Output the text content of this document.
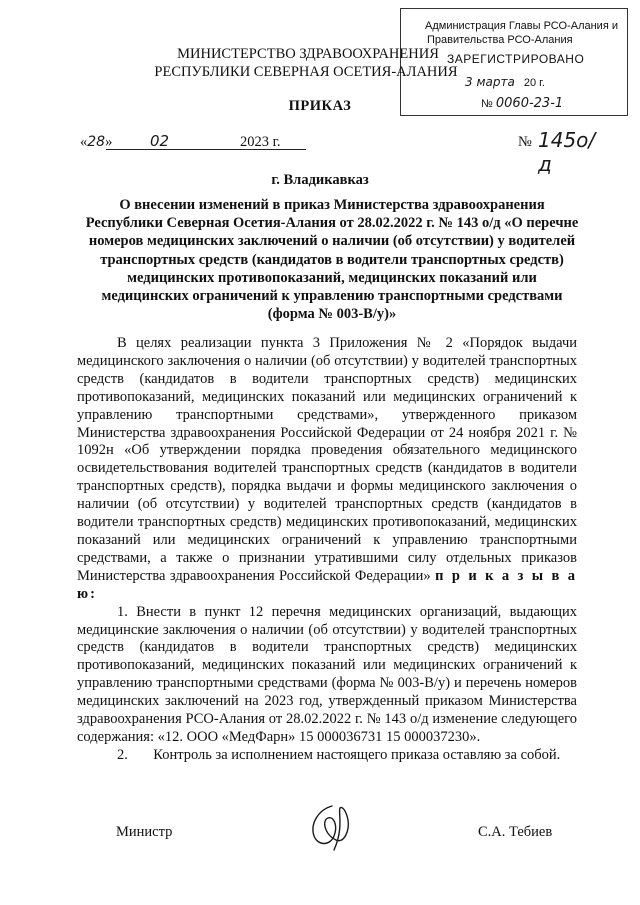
Администрация Главы РСО-Алания и
Правительства РСО-Алания
ЗАРЕГИСТРИРОВАНО
3 марта 20 г.
№ 0060-23-1
МИНИСТЕРСТВО ЗДРАВООХРАНЕНИЯ
РЕСПУБЛИКИ СЕВЕРНАЯ ОСЕТИЯ-АЛАНИЯ
ПРИКАЗ
«28»	02	2023 г.	№ 145о/д
г. Владикавказ
О внесении изменений в приказ Министерства здравоохранения Республики Северная Осетия-Алания от 28.02.2022 г. № 143 о/д «О перечне номеров медицинских заключений о наличии (об отсутствии) у водителей транспортных средств (кандидатов в водители транспортных средств) медицинских противопоказаний, медицинских показаний или медицинских ограничений к управлению транспортными средствами (форма № 003-В/у)»

В целях реализации пункта 3 Приложения № 2 «Порядок выдачи медицинского заключения о наличии (об отсутствии) у водителей транспортных средств (кандидатов в водители транспортных средств) медицинских противопоказаний, медицинских показаний или медицинских ограничений к управлению транспортными средствами», утвержденного приказом Министерства здравоохранения Российской Федерации от 24 ноября 2021 г. № 1092н «Об утверждении порядка проведения обязательного медицинского освидетельствования водителей транспортных средств (кандидатов в водители транспортных средств), порядка выдачи и формы медицинского заключения о наличии (об отсутствии) у водителей транспортных средств (кандидатов в водители транспортных средств) медицинских противопоказаний, медицинских показаний или медицинских ограничений к управлению транспортными средствами, а также о признании утратившими силу отдельных приказов Министерства здравоохранения Российской Федерации» п р и к а з ы в а ю:

1. Внести в пункт 12 перечня медицинских организаций, выдающих медицинские заключения о наличии (об отсутствии) у водителей транспортных средств (кандидатов в водители транспортных средств) медицинских противопоказаний, медицинских показаний или медицинских ограничений к управлению транспортными средствами (форма № 003-В/у) и перечень номеров медицинских заключений на 2023 год, утвержденный приказом Министерства здравоохранения РСО-Алания от 28.02.2022 г. № 143 о/д изменение следующего содержания: «12. ООО «МедФарн» 15 000036731 15 000037230».

2. Контроль за исполнением настоящего приказа оставляю за собой.

Министр	С.А. Тебиев
